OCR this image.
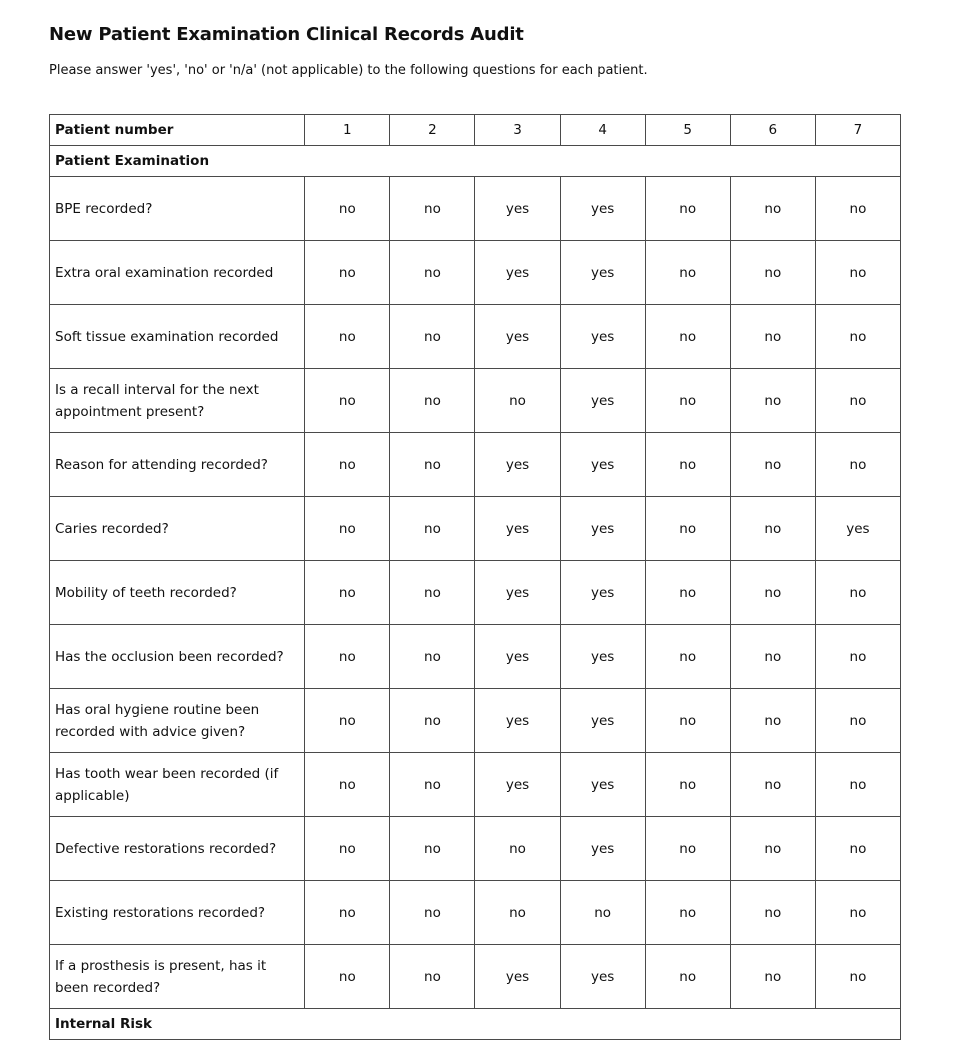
New Patient Examination Clinical Records Audit

Please answer 'yes', 'no' or 'n/a' (not applicable) to the following questions for each patient.

Patient number	1	2	3	4	5	6	7
Patient Examination							
BPE recorded?	no	no	yes	yes	no	no	no
Extra oral examination recorded	no	no	yes	yes	no	no	no
Soft tissue examination recorded	no	no	yes	yes	no	no	no
Is a recall interval for the next appointment present?	no	no	no	yes	no	no	no
Reason for attending recorded?	no	no	yes	yes	no	no	no
Caries recorded?	no	no	yes	yes	no	no	yes
Mobility of teeth recorded?	no	no	yes	yes	no	no	no
Has the occlusion been recorded?	no	no	yes	yes	no	no	no
Has oral hygiene routine been recorded with advice given?	no	no	yes	yes	no	no	no
Has tooth wear been recorded (if applicable)	no	no	yes	yes	no	no	no
Defective restorations recorded?	no	no	no	yes	no	no	no
Existing restorations recorded?	no	no	no	no	no	no	no
If a prosthesis is present, has it been recorded?	no	no	yes	yes	no	no	no
Internal Risk							
